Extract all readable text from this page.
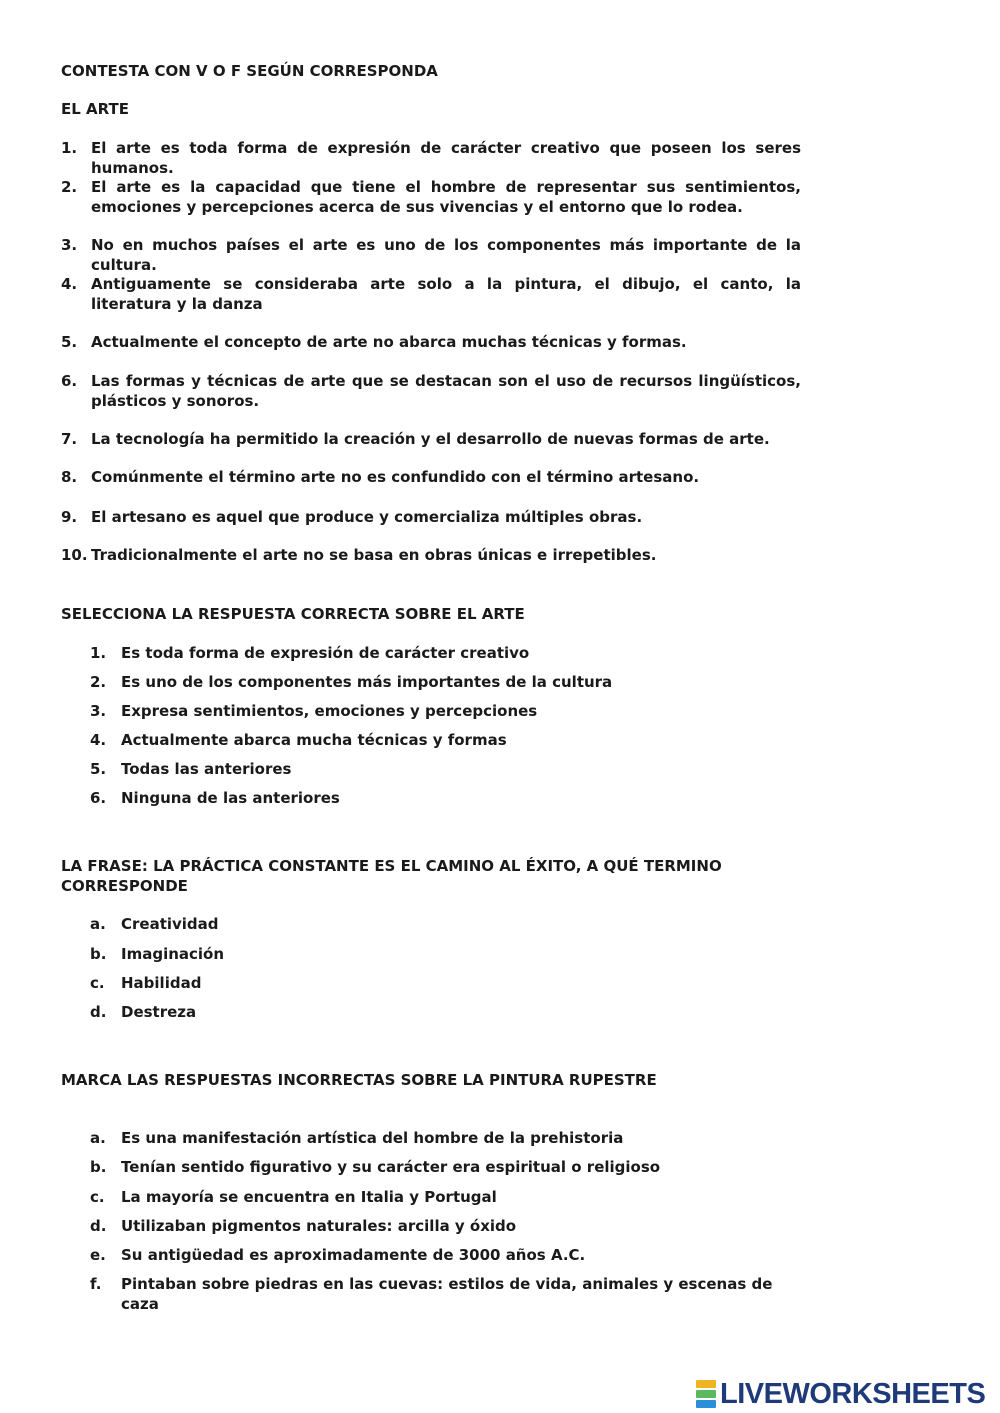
CONTESTA CON V O F SEGÚN CORRESPONDA
EL ARTE
1. El arte es toda forma de expresión de carácter creativo que poseen los seres humanos.
2. El arte es la capacidad que tiene el hombre de representar sus sentimientos, emociones y percepciones acerca de sus vivencias y el entorno que lo rodea.
3. No en muchos países el arte es uno de los componentes más importante de la cultura.
4. Antiguamente se consideraba arte solo a la pintura, el dibujo, el canto, la literatura y la danza
5. Actualmente el concepto de arte no abarca muchas técnicas y formas.
6. Las formas y técnicas de arte que se destacan son el uso de recursos lingüísticos, plásticos y sonoros.
7. La tecnología ha permitido la creación y el desarrollo de nuevas formas de arte.
8. Comúnmente el término arte no es confundido con el término artesano.
9. El artesano es aquel que produce y comercializa múltiples obras.
10. Tradicionalmente el arte no se basa en obras únicas e irrepetibles.
SELECCIONA LA RESPUESTA CORRECTA SOBRE EL ARTE
1. Es toda forma de expresión de carácter creativo
2. Es uno de los componentes más importantes de la cultura
3. Expresa sentimientos, emociones y percepciones
4. Actualmente abarca mucha técnicas y formas
5. Todas las anteriores
6. Ninguna de las anteriores
LA FRASE: LA PRÁCTICA CONSTANTE ES EL CAMINO AL ÉXITO, A QUÉ TERMINO CORRESPONDE
a. Creatividad
b. Imaginación
c. Habilidad
d. Destreza
MARCA LAS RESPUESTAS INCORRECTAS SOBRE LA PINTURA RUPESTRE
a. Es una manifestación artística del hombre de la prehistoria
b. Tenían sentido figurativo y su carácter era espiritual o religioso
c. La mayoría se encuentra en Italia y Portugal
d. Utilizaban pigmentos naturales: arcilla y óxido
e. Su antigüedad es aproximadamente de 3000 años A.C.
f. Pintaban sobre piedras en las cuevas: estilos de vida, animales y escenas de caza
LIVEWORKSHEETS
